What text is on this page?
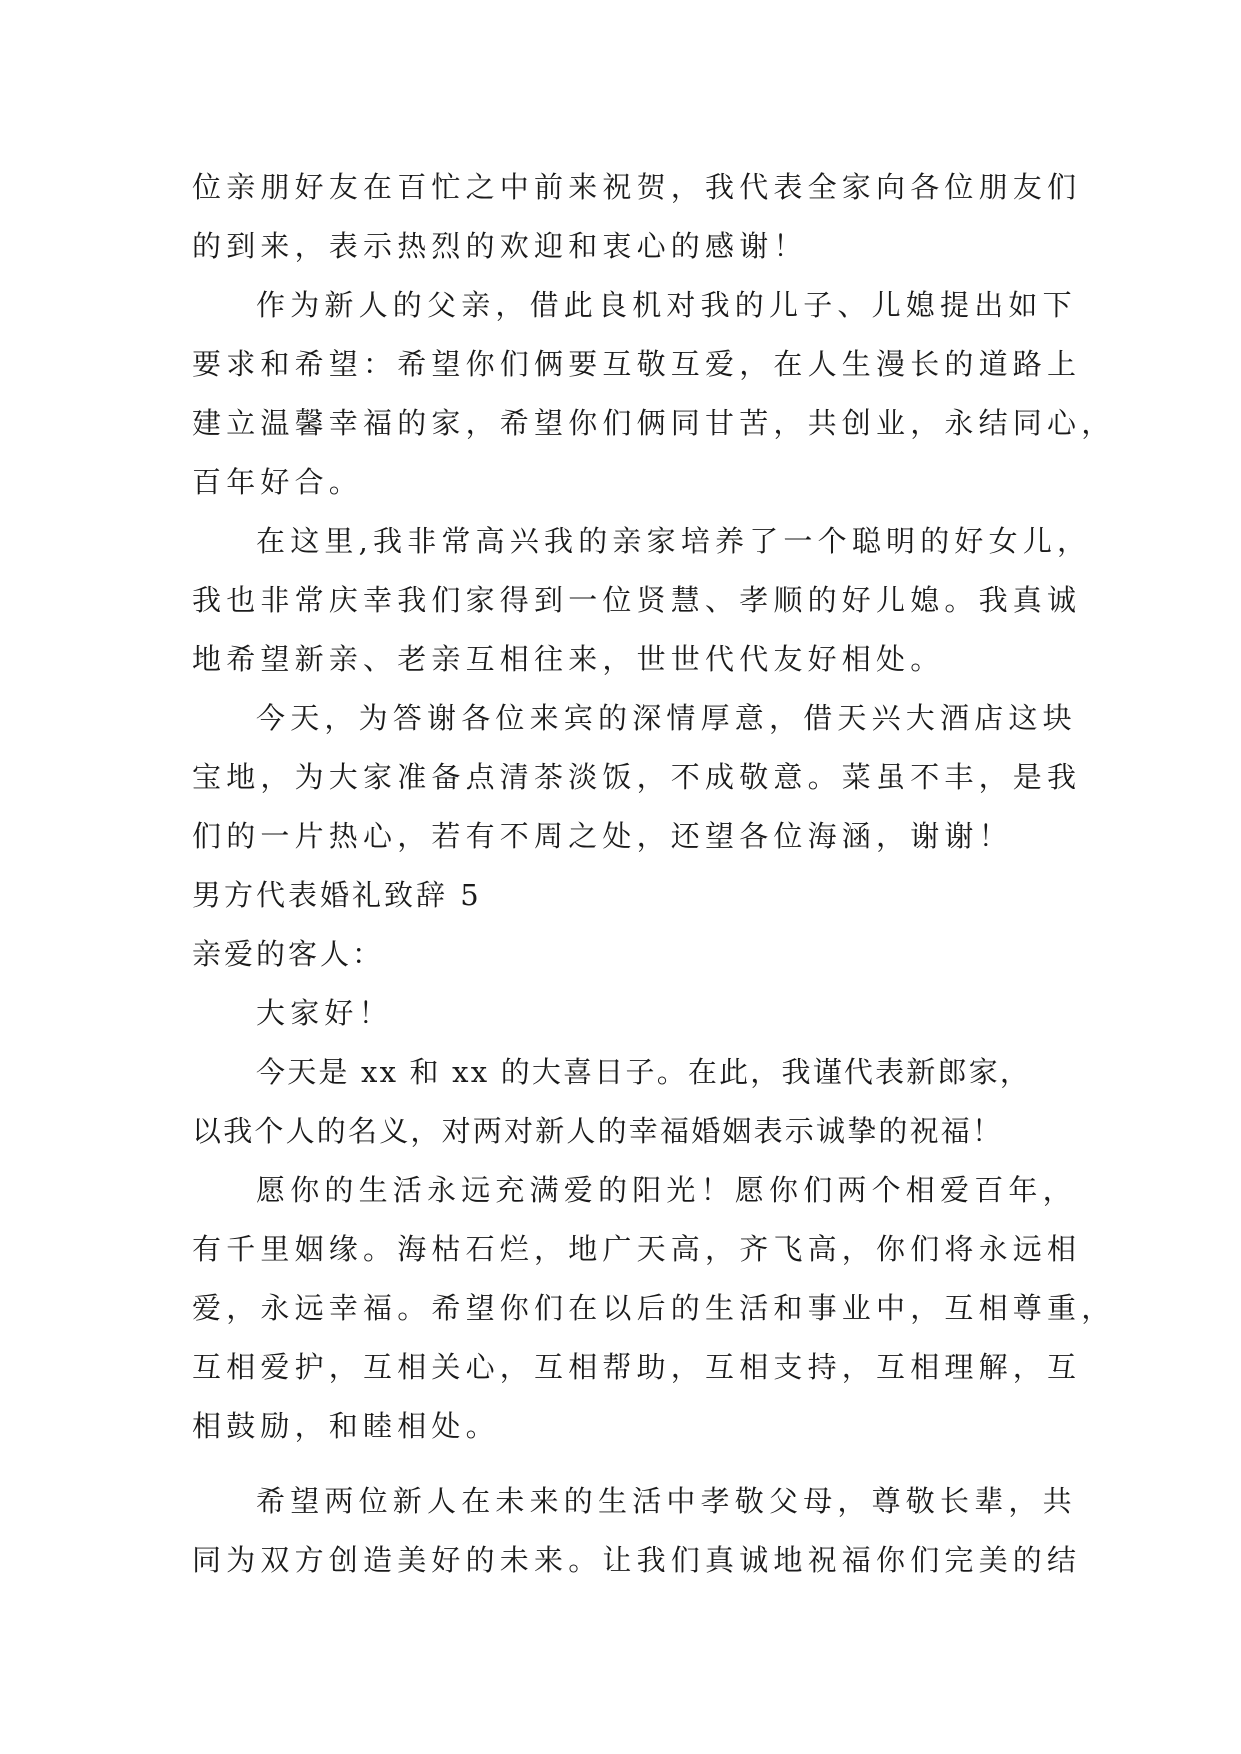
位亲朋好友在百忙之中前来祝贺，我代表全家向各位朋友们
的到来，表示热烈的欢迎和衷心的感谢！
作为新人的父亲，借此良机对我的儿子、儿媳提出如下
要求和希望：希望你们俩要互敬互爱，在人生漫长的道路上
建立温馨幸福的家，希望你们俩同甘苦，共创业，永结同心，
百年好合。
在这里,我非常高兴我的亲家培养了一个聪明的好女儿，
我也非常庆幸我们家得到一位贤慧、孝顺的好儿媳。我真诚
地希望新亲、老亲互相往来，世世代代友好相处。
今天，为答谢各位来宾的深情厚意，借天兴大酒店这块
宝地，为大家准备点清茶淡饭，不成敬意。菜虽不丰，是我
们的一片热心，若有不周之处，还望各位海涵，谢谢！
男方代表婚礼致辞 5
亲爱的客人：
大家好！
今天是 xx 和 xx 的大喜日子。在此，我谨代表新郎家，
以我个人的名义，对两对新人的幸福婚姻表示诚挚的祝福！
愿你的生活永远充满爱的阳光！愿你们两个相爱百年，
有千里姻缘。海枯石烂，地广天高，齐飞高，你们将永远相
爱，永远幸福。希望你们在以后的生活和事业中，互相尊重，
互相爱护，互相关心，互相帮助，互相支持，互相理解，互
相鼓励，和睦相处。
希望两位新人在未来的生活中孝敬父母，尊敬长辈，共
同为双方创造美好的未来。让我们真诚地祝福你们完美的结
